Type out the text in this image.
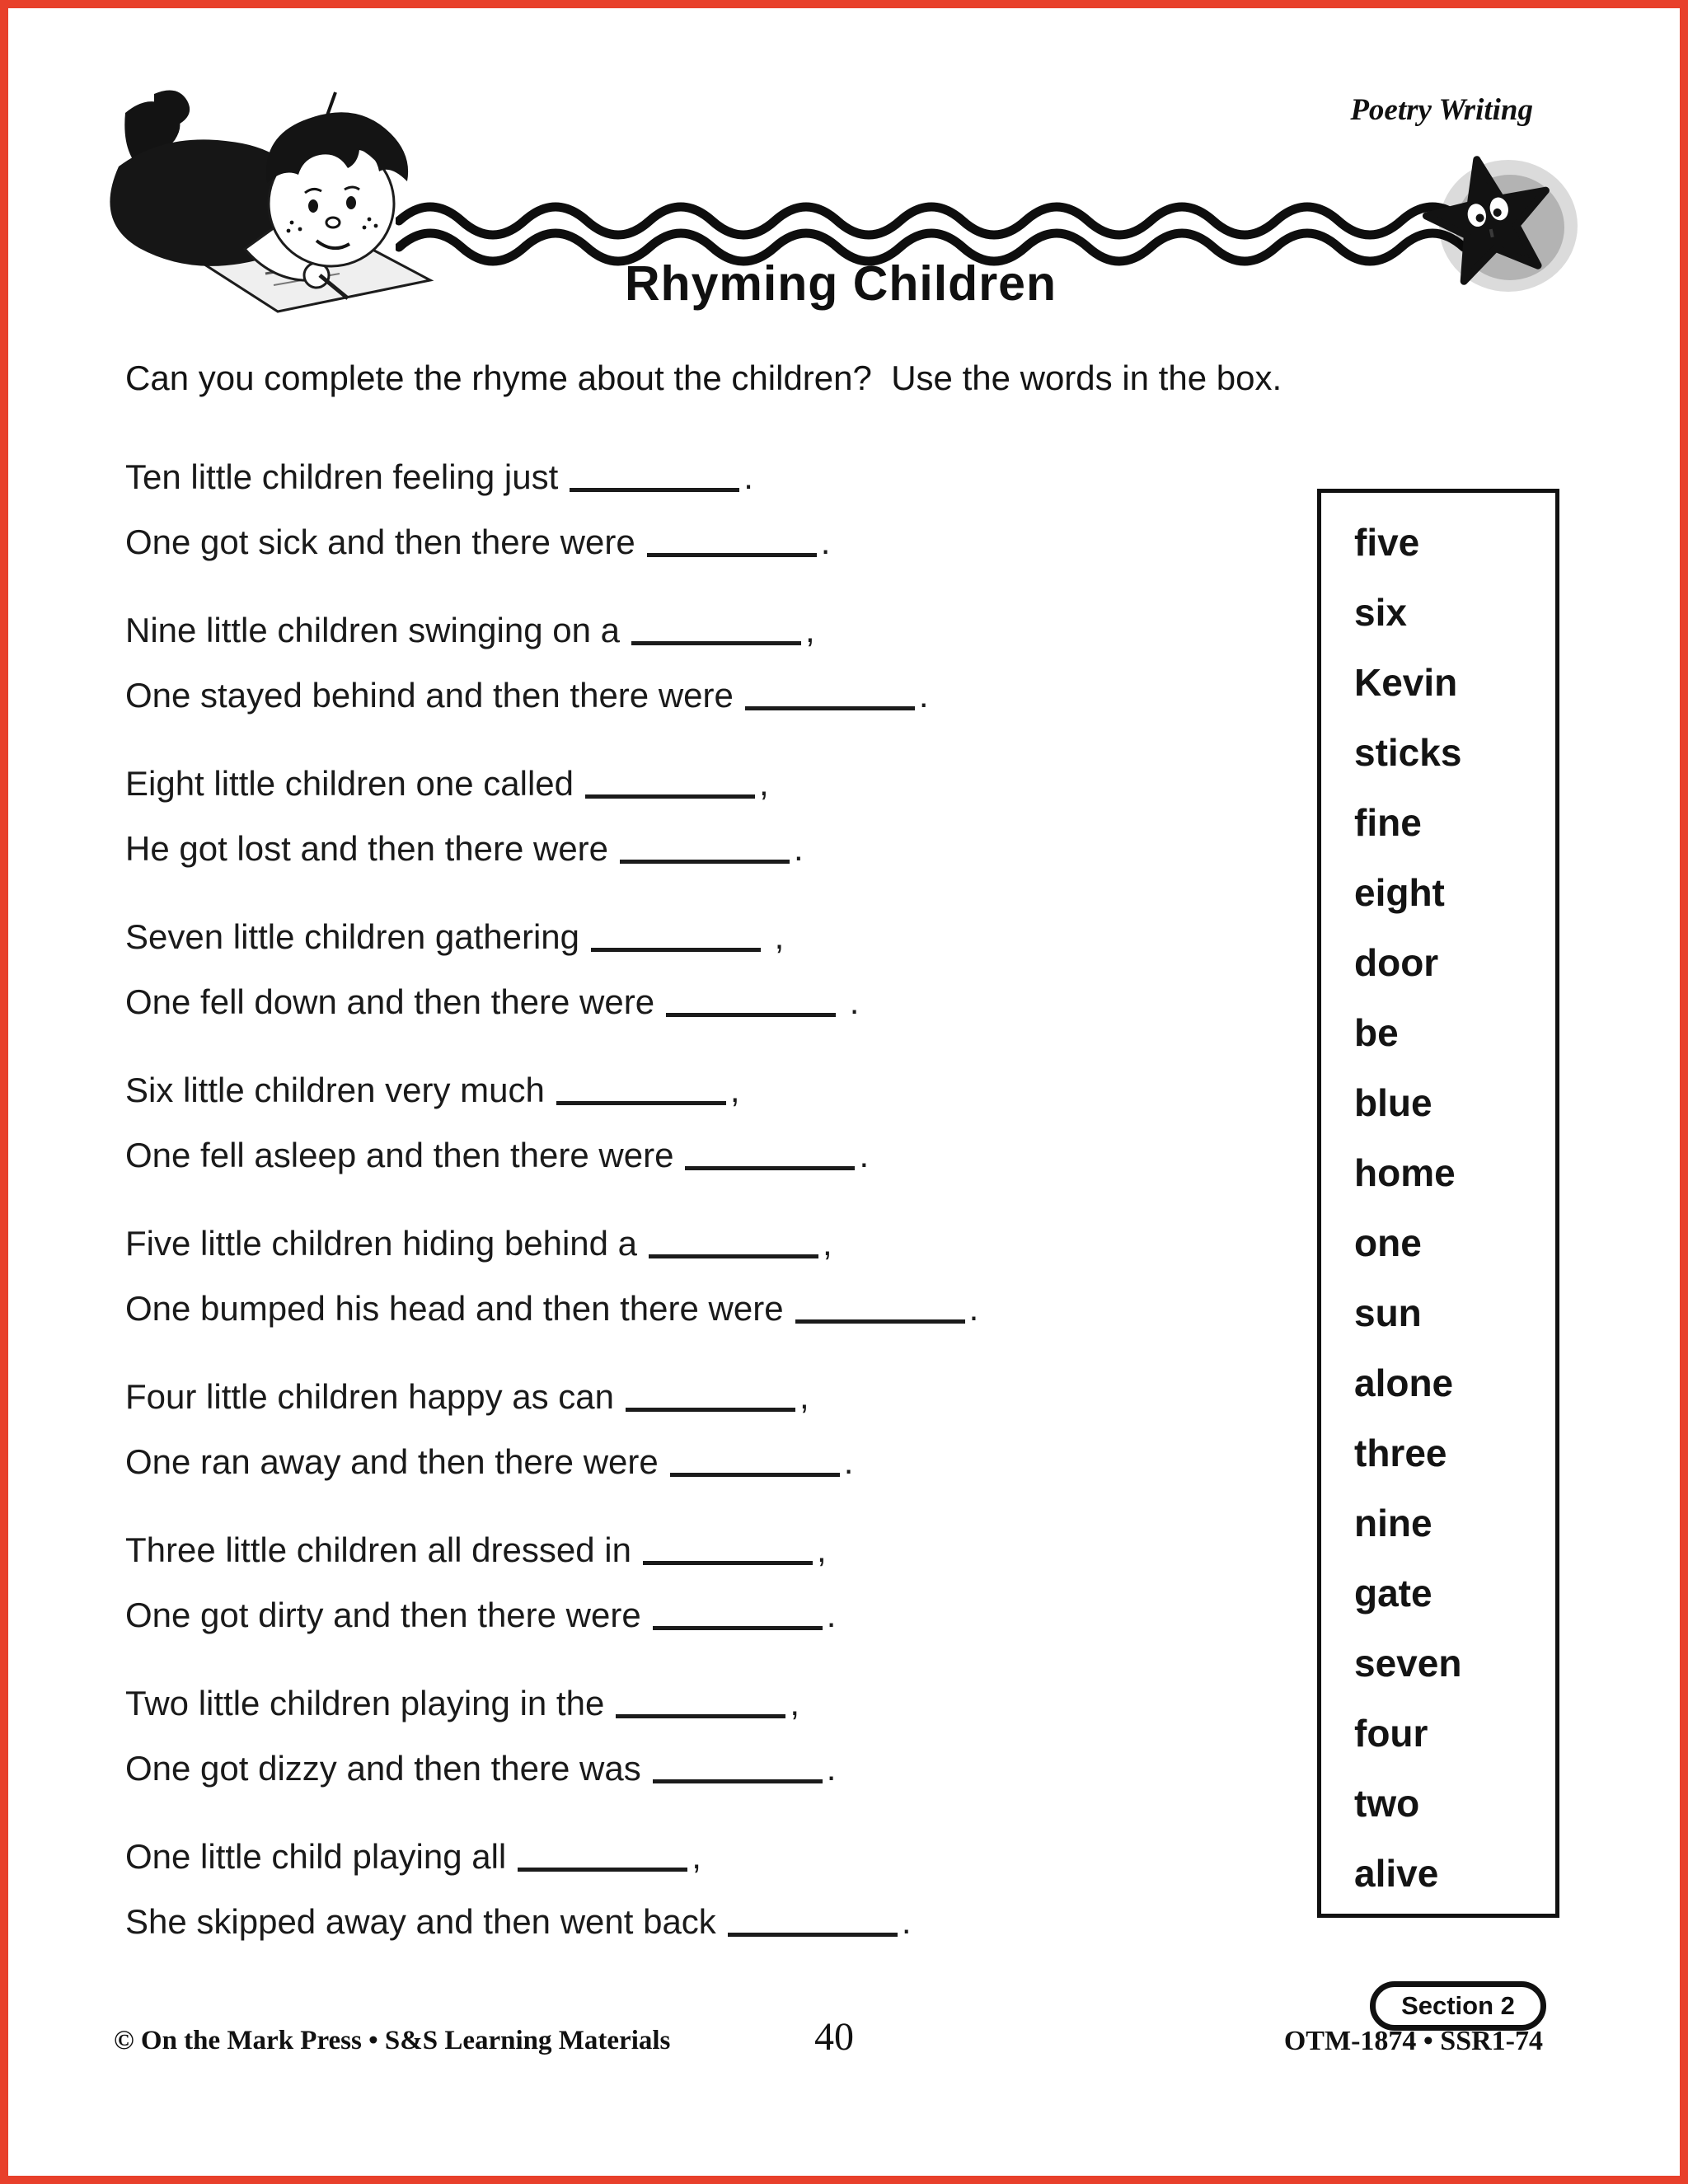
Poetry Writing
Rhyming Children

Can you complete the rhyme about the children?  Use the words in the box.

Ten little children feeling just	.

One got sick and then there were	.

Nine little children swinging on a	,

One stayed behind and then there were	.

Eight little children one called	,

He got lost and then there were	.

Seven little children gathering	,

One fell down and then there were	.

Six little children very much	,

One fell asleep and then there were	.

Five little children hiding behind a	,

One bumped his head and then there were	.

Four little children happy as can	,

One ran away and then there were	.

Three little children all dressed in	,

One got dirty and then there were	.

Two little children playing in the	,

One got dizzy and then there was	.

One little child playing all	,

She skipped away and then went back	.

five
six
Kevin
sticks
fine
eight
door
be
blue
home
one
sun
alone
three
nine
gate
seven
four
two
alive
© On the Mark Press • S&S Learning Materials	40
Section 2
OTM-1874 • SSR1-74
